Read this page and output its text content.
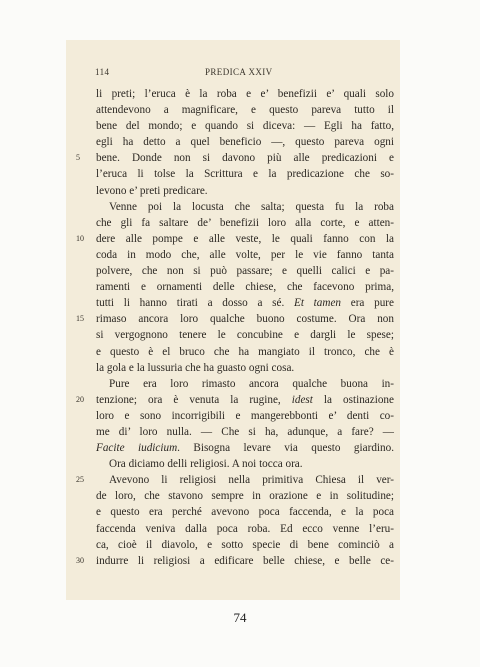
114	PREDICA XXIV
li preti; l’eruca è la roba e e’ benefizii e’ quali solo
attendevono a magnificare, e questo pareva tutto il
bene del mondo; e quando si diceva: — Egli ha fatto,
egli ha detto a quel beneficio —, questo pareva ogni
5 bene. Donde non si davono più alle predicazioni e
l’eruca li tolse la Scrittura e la predicazione che so-
levono e’ preti predicare.
Venne poi la locusta che salta; questa fu la roba
che gli fa saltare de’ benefizii loro alla corte, e atten-
10 dere alle pompe e alle veste, le quali fanno con la
coda in modo che, alle volte, per le vie fanno tanta
polvere, che non si può passare; e quelli calici e pa-
ramenti e ornamenti delle chiese, che facevono prima,
tutti li hanno tirati a dosso a sé. Et tamen era pure
15 rimaso ancora loro qualche buono costume. Ora non
si vergognono tenere le concubine e dargli le spese;
e questo è el bruco che ha mangiato il tronco, che è
la gola e la lussuria che ha guasto ogni cosa.
Pure era loro rimasto ancora qualche buona in-
20 tenzione; ora è venuta la rugine, idest la ostinazione
loro e sono incorrigibili e mangerebbonti e’ denti co-
me di’ loro nulla. — Che si ha, adunque, a fare? —
Facite iudicium. Bisogna levare via questo giardino.
Ora diciamo delli religiosi. A noi tocca ora.
25 Avevono li religiosi nella primitiva Chiesa il ver-
de loro, che stavono sempre in orazione e in solitudine;
e questo era perché avevono poca faccenda, e la poca
faccenda veniva dalla poca roba. Ed ecco venne l’eru-
ca, cioè il diavolo, e sotto specie di bene cominciò a
30 indurre li religiosi a edificare belle chiese, e belle ce-
74
